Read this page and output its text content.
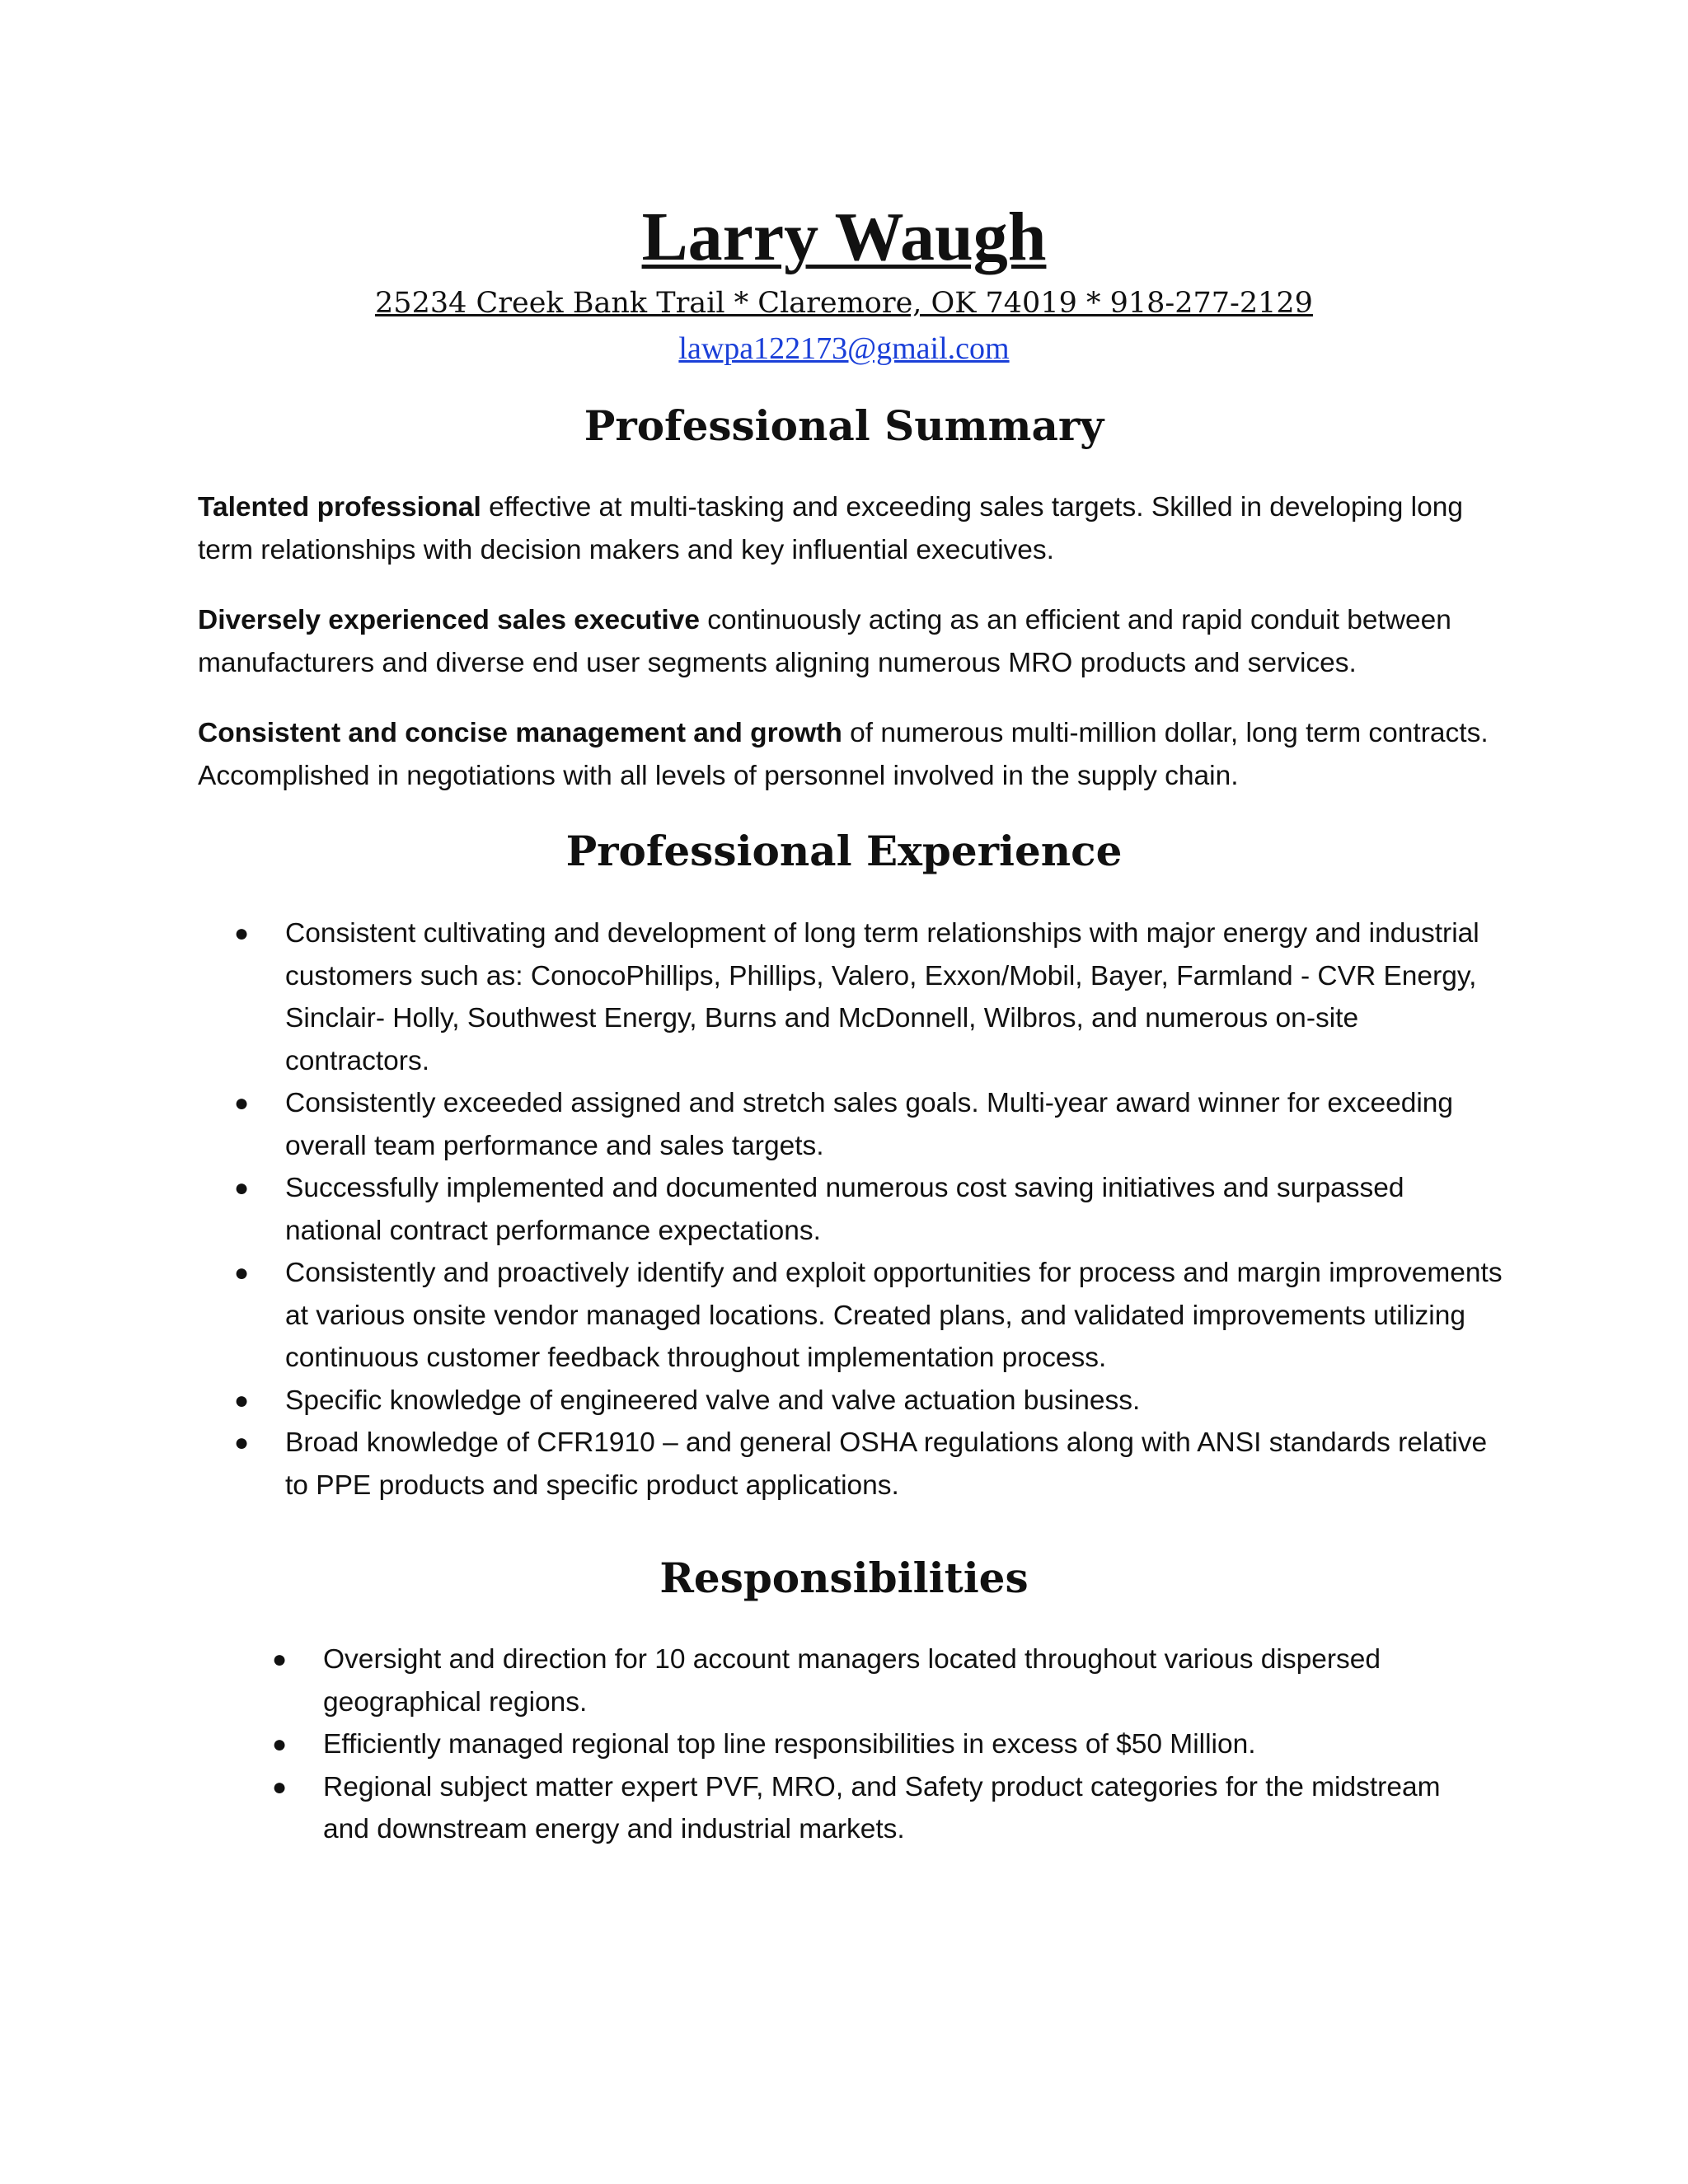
Larry Waugh
25234 Creek Bank Trail * Claremore, OK 74019 * 918-277-2129
lawpa122173@gmail.com
Professional Summary
Talented professional effective at multi-tasking and exceeding sales targets. Skilled in developing long term relationships with decision makers and key influential executives.
Diversely experienced sales executive continuously acting as an efficient and rapid conduit between manufacturers and diverse end user segments aligning numerous MRO products and services.
Consistent and concise management and growth of numerous multi-million dollar, long term contracts. Accomplished in negotiations with all levels of personnel involved in the supply chain.
Professional Experience
● Consistent cultivating and development of long term relationships with major energy and industrial customers such as: ConocoPhillips, Phillips, Valero, Exxon/Mobil, Bayer, Farmland - CVR Energy, Sinclair- Holly, Southwest Energy, Burns and McDonnell, Wilbros, and numerous on-site contractors.
● Consistently exceeded assigned and stretch sales goals. Multi-year award winner for exceeding overall team performance and sales targets.
● Successfully implemented and documented numerous cost saving initiatives and surpassed national contract performance expectations.
● Consistently and proactively identify and exploit opportunities for process and margin improvements at various onsite vendor managed locations. Created plans, and validated improvements utilizing continuous customer feedback throughout implementation process.
● Specific knowledge of engineered valve and valve actuation business.
● Broad knowledge of CFR1910 – and general OSHA regulations along with ANSI standards relative to PPE products and specific product applications.
Responsibilities
● Oversight and direction for 10 account managers located throughout various dispersed geographical regions.
● Efficiently managed regional top line responsibilities in excess of $50 Million.
● Regional subject matter expert PVF, MRO, and Safety product categories for the midstream and downstream energy and industrial markets.
